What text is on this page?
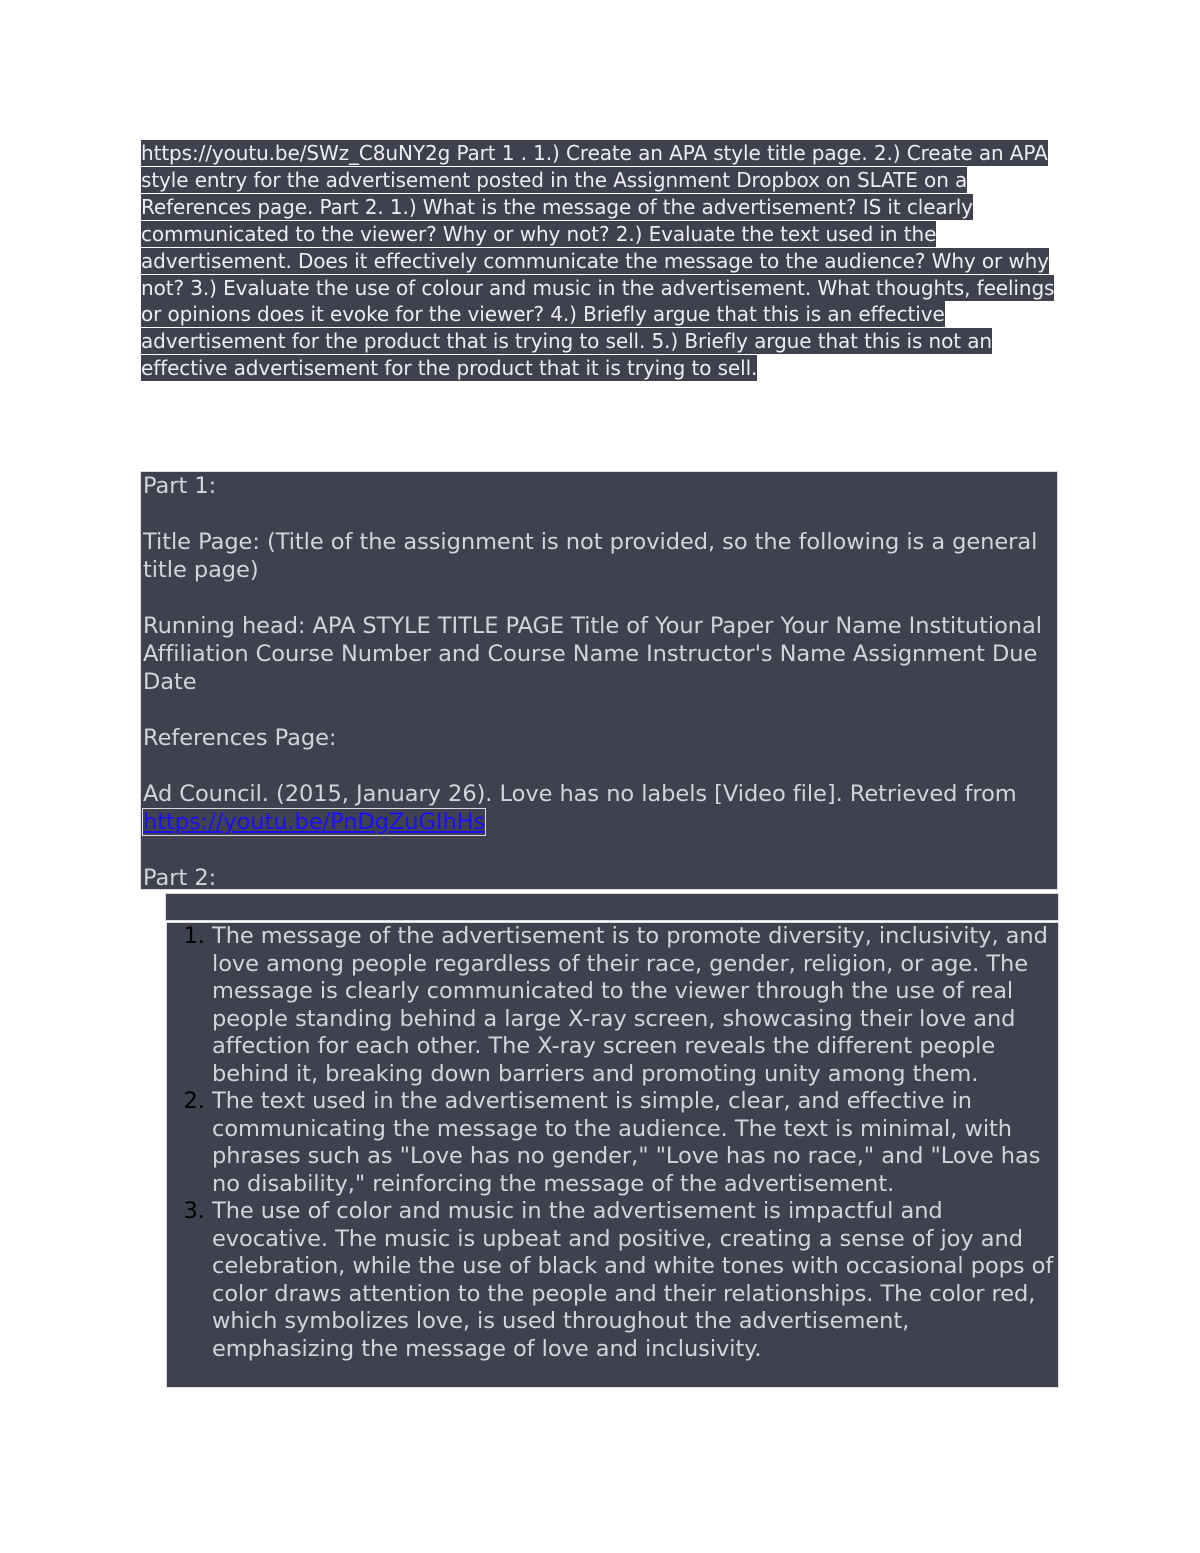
https://youtu.be/SWz_C8uNY2g Part 1 . 1.) Create an APA style title page. 2.) Create an APA style entry for the advertisement posted in the Assignment Dropbox on SLATE on a References page. Part 2. 1.) What is the message of the advertisement? IS it clearly communicated to the viewer? Why or why not? 2.) Evaluate the text used in the advertisement. Does it effectively communicate the message to the audience? Why or why not? 3.) Evaluate the use of colour and music in the advertisement. What thoughts, feelings or opinions does it evoke for the viewer? 4.) Briefly argue that this is an effective advertisement for the product that is trying to sell. 5.) Briefly argue that this is not an effective advertisement for the product that it is trying to sell.

Part 1:

Title Page: (Title of the assignment is not provided, so the following is a general title page)

Running head: APA STYLE TITLE PAGE Title of Your Paper Your Name Institutional Affiliation Course Number and Course Name Instructor's Name Assignment Due Date

References Page:

Ad Council. (2015, January 26). Love has no labels [Video file]. Retrieved from https://youtu.be/PnDgZuGIhHs

Part 2:

1. The message of the advertisement is to promote diversity, inclusivity, and love among people regardless of their race, gender, religion, or age. The message is clearly communicated to the viewer through the use of real people standing behind a large X-ray screen, showcasing their love and affection for each other. The X-ray screen reveals the different people behind it, breaking down barriers and promoting unity among them.
2. The text used in the advertisement is simple, clear, and effective in communicating the message to the audience. The text is minimal, with phrases such as "Love has no gender," "Love has no race," and "Love has no disability," reinforcing the message of the advertisement.
3. The use of color and music in the advertisement is impactful and evocative. The music is upbeat and positive, creating a sense of joy and celebration, while the use of black and white tones with occasional pops of color draws attention to the people and their relationships. The color red, which symbolizes love, is used throughout the advertisement, emphasizing the message of love and inclusivity.
